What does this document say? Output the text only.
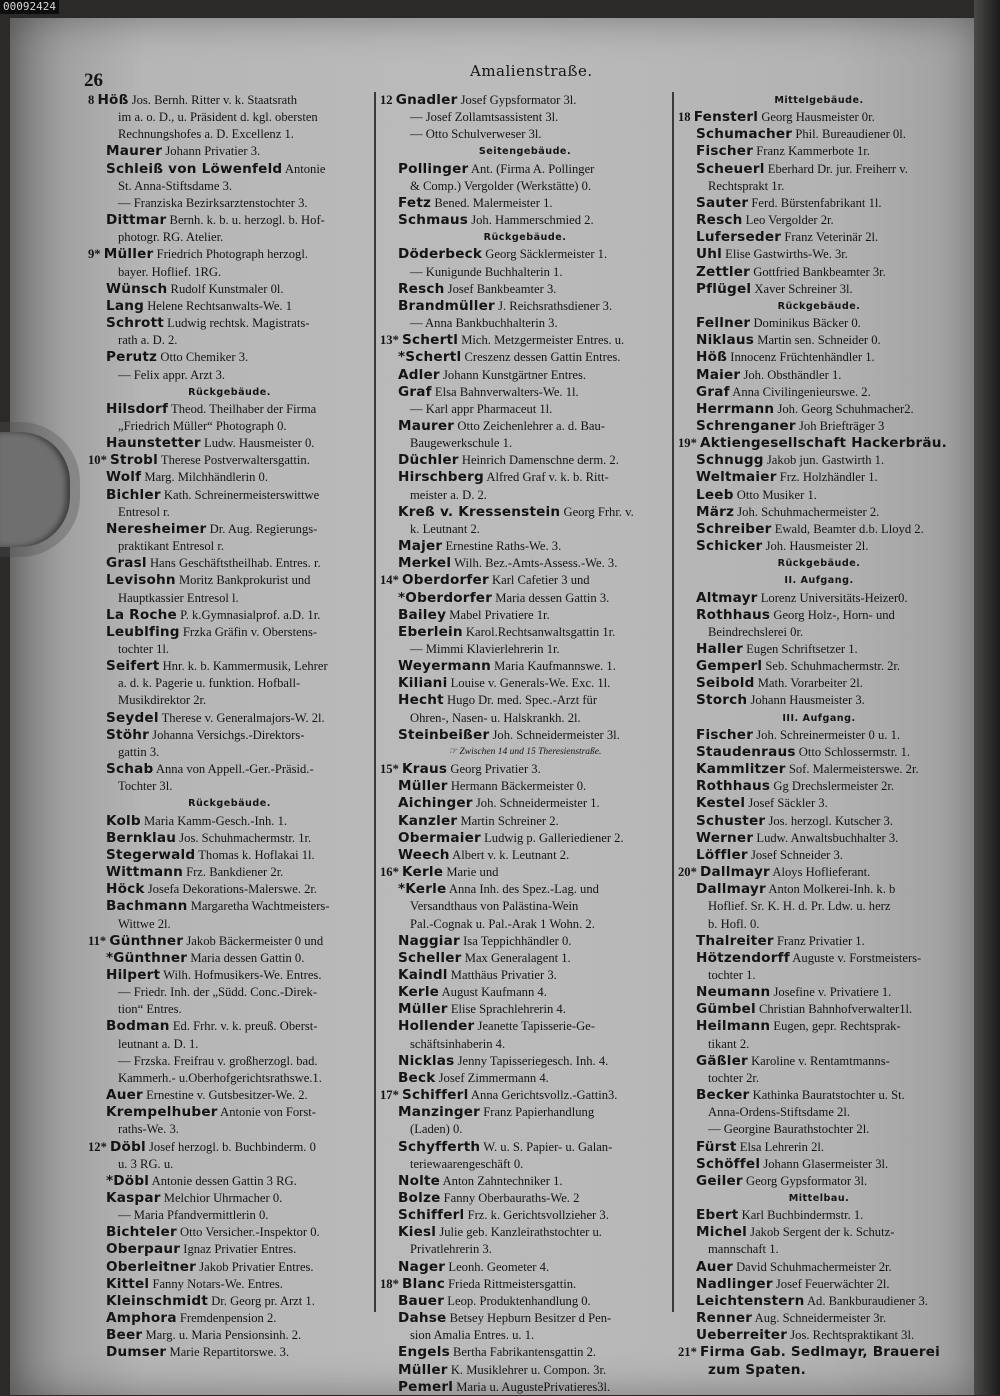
00092424
26	Amalienstraße.
8 Höß Jos. Bernh. Ritter v. k. Staatsrath
im a. o. D., u. Präsident d. kgl. obersten
Rechnungshofes a. D. Excellenz 1.
Maurer Johann Privatier 3.
Schleiß von Löwenfeld Antonie
St. Anna-Stiftsdame 3.
— Franziska Bezirksarztenstochter 3.
Dittmar Bernh. k. b. u. herzogl. b. Hof-
photogr. RG. Atelier.
9* Müller Friedrich Photograph herzogl.
bayer. Hoflief. 1RG.
Wünsch Rudolf Kunstmaler 0l.
Lang Helene Rechtsanwalts-We. 1
Schrott Ludwig rechtsk. Magistrats-
rath a. D. 2.
Perutz Otto Chemiker 3.
— Felix appr. Arzt 3.
Rückgebäude.
Hilsdorf Theod. Theilhaber der Firma
„Friedrich Müller“ Photograph 0.
Haunstetter Ludw. Hausmeister 0.
10* Strobl Therese Postverwaltersgattin.
Wolf Marg. Milchhändlerin 0.
Bichler Kath. Schreinermeisterswittwe
Entresol r.
Neresheimer Dr. Aug. Regierungs-
praktikant Entresol r.
Grasl Hans Geschäftstheilhab. Entres. r.
Levisohn Moritz Bankprokurist und
Hauptkassier Entresol l.
La Roche P. k.Gymnasialprof. a.D. 1r.
Leublfing Frzka Gräfin v. Oberstens-
tochter 1l.
Seifert Hnr. k. b. Kammermusik, Lehrer
a. d. k. Pagerie u. funktion. Hofball-
Musikdirektor 2r.
Seydel Therese v. Generalmajors-W. 2l.
Stöhr Johanna Versichgs.-Direktors-
gattin 3.
Schab Anna von Appell.-Ger.-Präsid.-
Tochter 3l.
Rückgebäude.
Kolb Maria Kamm-Gesch.-Inh. 1.
Bernklau Jos. Schuhmachermstr. 1r.
Stegerwald Thomas k. Hoflakai 1l.
Wittmann Frz. Bankdiener 2r.
Höck Josefa Dekorations-Malerswe. 2r.
Bachmann Margaretha Wachtmeisters-
Wittwe 2l.
11* Günthner Jakob Bäckermeister 0 und
*Günthner Maria dessen Gattin 0.
Hilpert Wilh. Hofmusikers-We. Entres.
— Friedr. Inh. der „Südd. Conc.-Direk-
tion“ Entres.
Bodman Ed. Frhr. v. k. preuß. Oberst-
leutnant a. D. 1.
— Frzska. Freifrau v. großherzogl. bad.
Kammerh.- u.Oberhofgerichtsrathswe.1.
Auer Ernestine v. Gutsbesitzer-We. 2.
Krempelhuber Antonie von Forst-
raths-We. 3.
12* Döbl Josef herzogl. b. Buchbinderm. 0
u. 3 RG. u.
*Döbl Antonie dessen Gattin 3 RG.
Kaspar Melchior Uhrmacher 0.
— Maria Pfandvermittlerin 0.
Bichteler Otto Versicher.-Inspektor 0.
Oberpaur Ignaz Privatier Entres.
Oberleitner Jakob Privatier Entres.
Kittel Fanny Notars-We. Entres.
Kleinschmidt Dr. Georg pr. Arzt 1.
Amphora Fremdenpension 2.
Beer Marg. u. Maria Pensionsinh. 2.
Dumser Marie Repartitorswe. 3.
12 Gnadler Josef Gypsformator 3l.
— Josef Zollamtsassistent 3l.
— Otto Schulverweser 3l.
Seitengebäude.
Pollinger Ant. (Firma A. Pollinger
& Comp.) Vergolder (Werkstätte) 0.
Fetz Bened. Malermeister 1.
Schmaus Joh. Hammerschmied 2.
Rückgebäude.
Döderbeck Georg Säcklermeister 1.
— Kunigunde Buchhalterin 1.
Resch Josef Bankbeamter 3.
Brandmüller J. Reichsrathsdiener 3.
— Anna Bankbuchhalterin 3.
13* Schertl Mich. Metzgermeister Entres. u.
*Schertl Creszenz dessen Gattin Entres.
Adler Johann Kunstgärtner Entres.
Graf Elsa Bahnverwalters-We. 1l.
— Karl appr Pharmaceut 1l.
Maurer Otto Zeichenlehrer a. d. Bau-
Baugewerkschule 1.
Düchler Heinrich Damenschne derm. 2.
Hirschberg Alfred Graf v. k. b. Ritt-
meister a. D. 2.
Kreß v. Kressenstein Georg Frhr. v.
k. Leutnant 2.
Majer Ernestine Raths-We. 3.
Merkel Wilh. Bez.-Amts-Assess.-We. 3.
14* Oberdorfer Karl Cafetier 3 und
*Oberdorfer Maria dessen Gattin 3.
Bailey Mabel Privatiere 1r.
Eberlein Karol.Rechtsanwaltsgattin 1r.
— Mimmi Klavierlehrerin 1r.
Weyermann Maria Kaufmannswe. 1.
Kiliani Louise v. Generals-We. Exc. 1l.
Hecht Hugo Dr. med. Spec.-Arzt für
Ohren-, Nasen- u. Halskrankh. 2l.
Steinbeißer Joh. Schneidermeister 3l.
☞ Zwischen 14 und 15 Theresienstraße.
15* Kraus Georg Privatier 3.
Müller Hermann Bäckermeister 0.
Aichinger Joh. Schneidermeister 1.
Kanzler Martin Schreiner 2.
Obermaier Ludwig p. Galleriediener 2.
Weech Albert v. k. Leutnant 2.
16* Kerle Marie und
*Kerle Anna Inh. des Spez.-Lag. und
Versandthaus von Palästina-Wein
Pal.-Cognak u. Pal.-Arak 1 Wohn. 2.
Naggiar Isa Teppichhändler 0.
Scheller Max Generalagent 1.
Kaindl Matthäus Privatier 3.
Kerle August Kaufmann 4.
Müller Elise Sprachlehrerin 4.
Hollender Jeanette Tapisserie-Ge-
schäftsinhaberin 4.
Nicklas Jenny Tapisseriegesch. Inh. 4.
Beck Josef Zimmermann 4.
17* Schifferl Anna Gerichtsvollz.-Gattin3.
Manzinger Franz Papierhandlung
(Laden) 0.
Schyfferth W. u. S. Papier- u. Galan-
teriewaarengeschäft 0.
Nolte Anton Zahntechniker 1.
Bolze Fanny Oberbauraths-We. 2
Schifferl Frz. k. Gerichtsvollzieher 3.
Kiesl Julie geb. Kanzleirathstochter u.
Privatlehrerin 3.
Nager Leonh. Geometer 4.
18* Blanc Frieda Rittmeistersgattin.
Bauer Leop. Produktenhandlung 0.
Dahse Betsey Hepburn Besitzer d Pen-
sion Amalia Entres. u. 1.
Engels Bertha Fabrikantensgattin 2.
Müller K. Musiklehrer u. Compon. 3r.
Pemerl Maria u. AugustePrivatieres3l.
Mittelgebäude.
18 Fensterl Georg Hausmeister 0r.
Schumacher Phil. Bureaudiener 0l.
Fischer Franz Kammerbote 1r.
Scheuerl Eberhard Dr. jur. Freiherr v.
Rechtsprakt 1r.
Sauter Ferd. Bürstenfabrikant 1l.
Resch Leo Vergolder 2r.
Luferseder Franz Veterinär 2l.
Uhl Elise Gastwirths-We. 3r.
Zettler Gottfried Bankbeamter 3r.
Pflügel Xaver Schreiner 3l.
Rückgebäude.
Fellner Dominikus Bäcker 0.
Niklaus Martin sen. Schneider 0.
Höß Innocenz Früchtenhändler 1.
Maier Joh. Obsthändler 1.
Graf Anna Civilingenieurswe. 2.
Herrmann Joh. Georg Schuhmacher2.
Schrenganer Joh Briefträger 3
19* Aktiengesellschaft Hackerbräu.
Schnugg Jakob jun. Gastwirth 1.
Weltmaier Frz. Holzhändler 1.
Leeb Otto Musiker 1.
März Joh. Schuhmachermeister 2.
Schreiber Ewald, Beamter d.b. Lloyd 2.
Schicker Joh. Hausmeister 2l.
Rückgebäude.
II. Aufgang.
Altmayr Lorenz Universitäts-Heizer0.
Rothhaus Georg Holz-, Horn- und
Beindrechslerei 0r.
Haller Eugen Schriftsetzer 1.
Gemperl Seb. Schuhmachermstr. 2r.
Seibold Math. Vorarbeiter 2l.
Storch Johann Hausmeister 3.
III. Aufgang.
Fischer Joh. Schreinermeister 0 u. 1.
Staudenraus Otto Schlossermstr. 1.
Kammlitzer Sof. Malermeisterswe. 2r.
Rothhaus Gg Drechslermeister 2r.
Kestel Josef Säckler 3.
Schuster Jos. herzogl. Kutscher 3.
Werner Ludw. Anwaltsbuchhalter 3.
Löffler Josef Schneider 3.
20* Dallmayr Aloys Hoflieferant.
Dallmayr Anton Molkerei-Inh. k. b
Hoflief. Sr. K. H. d. Pr. Ldw. u. herz
b. Hofl. 0.
Thalreiter Franz Privatier 1.
Hötzendorff Auguste v. Forstmeisters-
tochter 1.
Neumann Josefine v. Privatiere 1.
Gümbel Christian Bahnhofverwalter1l.
Heilmann Eugen, gepr. Rechtsprak-
tikant 2.
Gäßler Karoline v. Rentamtmanns-
tochter 2r.
Becker Kathinka Bauratstochter u. St.
Anna-Ordens-Stiftsdame 2l.
— Georgine Baurathstochter 2l.
Fürst Elsa Lehrerin 2l.
Schöffel Johann Glasermeister 3l.
Geiler Georg Gypsformator 3l.
Mittelbau.
Ebert Karl Buchbindermstr. 1.
Michel Jakob Sergent der k. Schutz-
mannschaft 1.
Auer David Schuhmachermeister 2r.
Nadlinger Josef Feuerwächter 2l.
Leichtenstern Ad. Bankburaudiener 3.
Renner Aug. Schneidermeister 3r.
Ueberreiter Jos. Rechtspraktikant 3l.
21* Firma Gab. Sedlmayr, Brauerei
zum Spaten.
